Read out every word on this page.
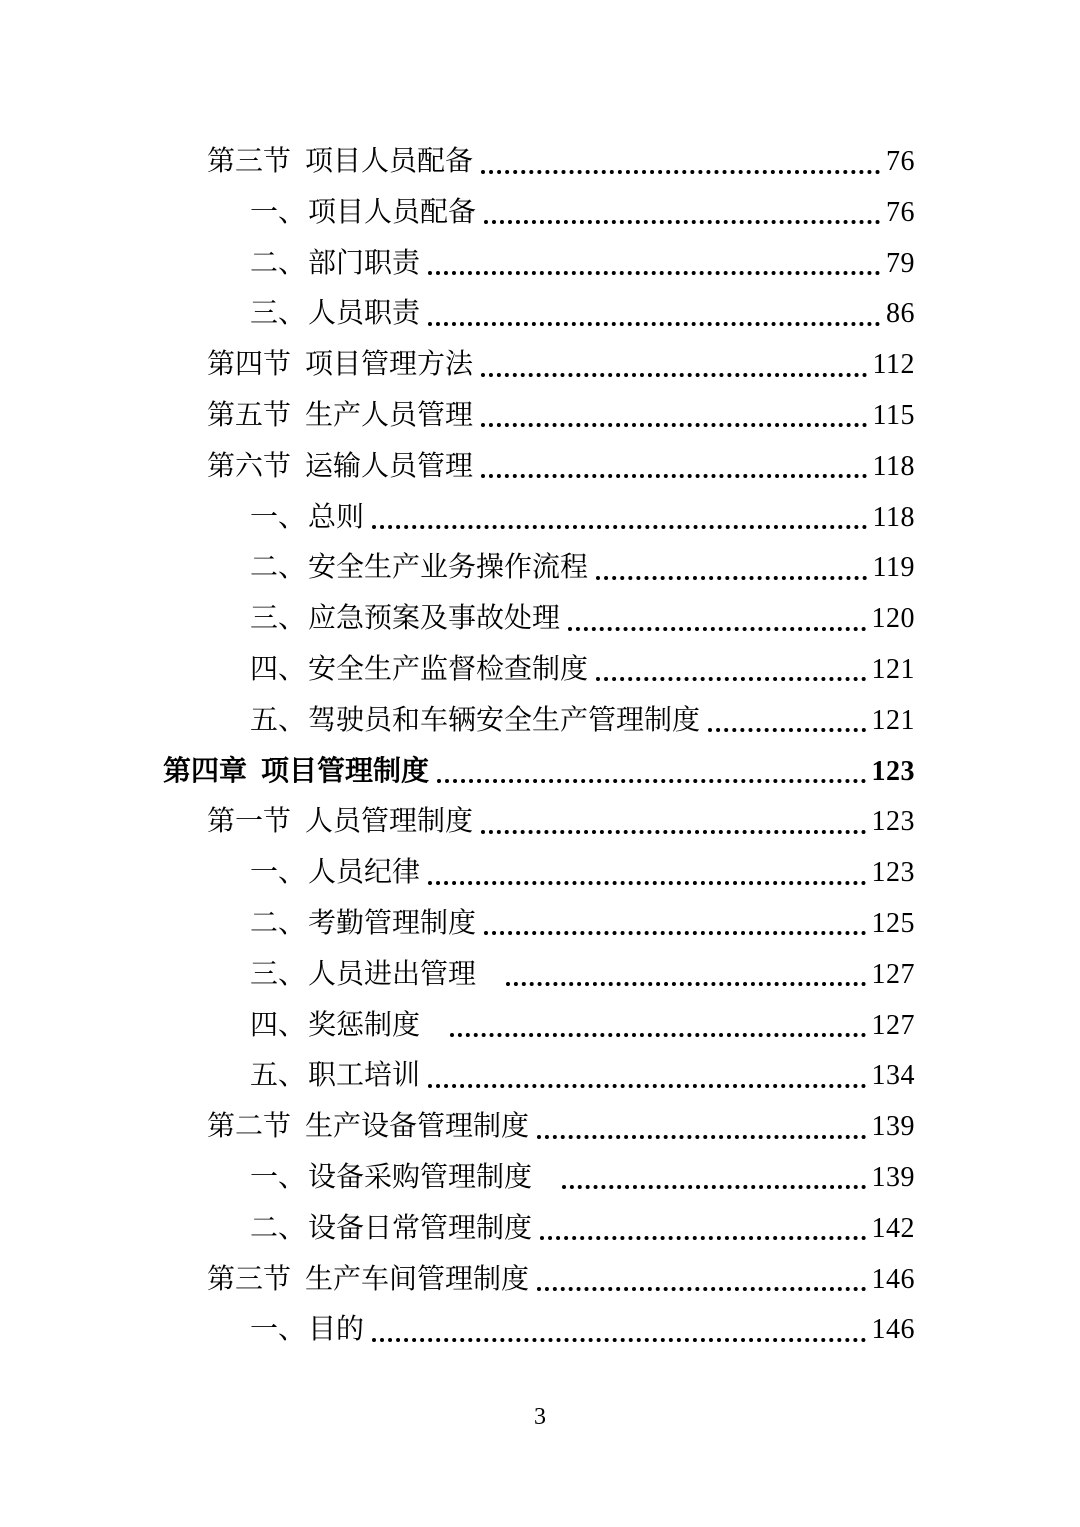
第三节 项目人员配备	76
一、 项目人员配备	76
二、 部门职责	79
三、 人员职责	86
第四节 项目管理方法	112
第五节 生产人员管理	115
第六节 运输人员管理	118
一、 总则	118
二、 安全生产业务操作流程	119
三、 应急预案及事故处理	120
四、 安全生产监督检查制度	121
五、 驾驶员和车辆安全生产管理制度	121
第四章 项目管理制度	123
第一节 人员管理制度	123
一、 人员纪律	123
二、 考勤管理制度	125
三、 人员进出管理	127
四、 奖惩制度	127
五、 职工培训	134
第二节 生产设备管理制度	139
一、 设备采购管理制度	139
二、 设备日常管理制度	142
第三节 生产车间管理制度	146
一、 目的	146
3
